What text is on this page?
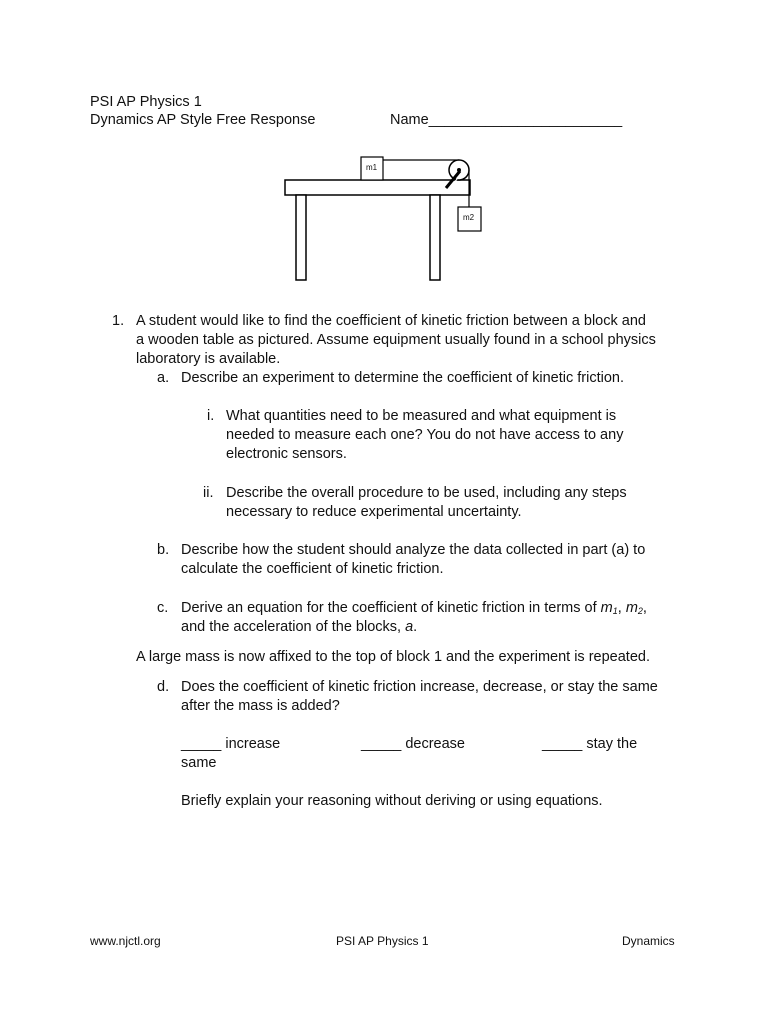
PSI AP Physics 1
Dynamics AP Style Free Response	Name________________________
m1
m2
1. A student would like to find the coefficient of kinetic friction between a block and
a wooden table as pictured. Assume equipment usually found in a school physics
laboratory is available.
a. Describe an experiment to determine the coefficient of kinetic friction.
i. What quantities need to be measured and what equipment is
needed to measure each one? You do not have access to any
electronic sensors.
ii. Describe the overall procedure to be used, including any steps
necessary to reduce experimental uncertainty.
b. Describe how the student should analyze the data collected in part (a) to
calculate the coefficient of kinetic friction.
c. Derive an equation for the coefficient of kinetic friction in terms of $m_1$, $m_2$,
and the acceleration of the blocks, a.
A large mass is now affixed to the top of block 1 and the experiment is repeated.
d. Does the coefficient of kinetic friction increase, decrease, or stay the same
after the mass is added?
_____ increase	_____ decrease	_____ stay the
same
Briefly explain your reasoning without deriving or using equations.
www.njctl.org	PSI AP Physics 1	Dynamics
